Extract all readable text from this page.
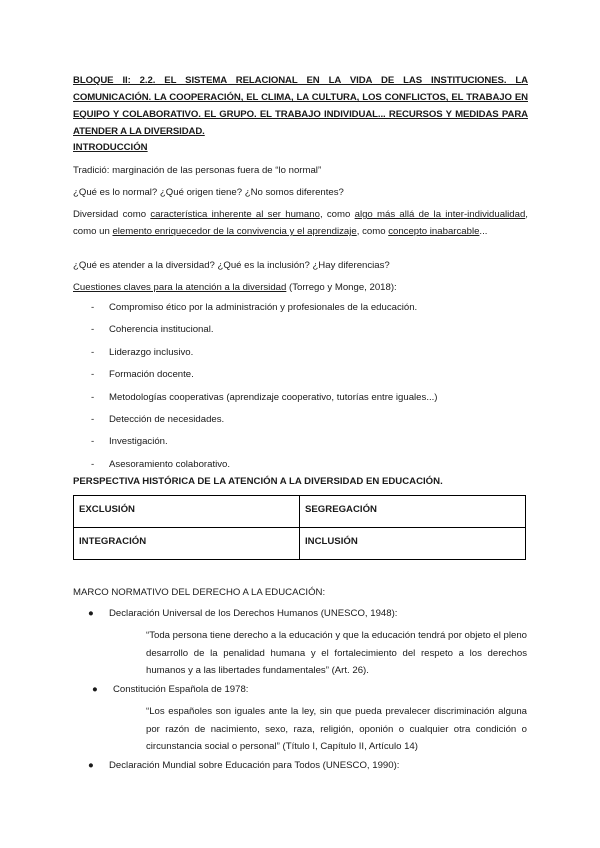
BLOQUE II: 2.2. EL SISTEMA RELACIONAL EN LA VIDA DE LAS INSTITUCIONES. LA COMUNICACIÓN. LA COOPERACIÓN, EL CLIMA, LA CULTURA, LOS CONFLICTOS, EL TRABAJO EN EQUIPO Y COLABORATIVO. EL GRUPO. EL TRABAJO INDIVIDUAL... RECURSOS Y MEDIDAS PARA ATENDER A LA DIVERSIDAD.

INTRODUCCIÓN

Tradició: marginación de las personas fuera de “lo normal”

¿Qué es lo normal? ¿Qué origen tiene? ¿No somos diferentes?

Diversidad como característica inherente al ser humano, como algo más allá de la inter-individualidad, como un elemento enriquecedor de la convivencia y el aprendizaje, como concepto inabarcable...

¿Qué es atender a la diversidad? ¿Qué es la inclusión? ¿Hay diferencias?

Cuestiones claves para la atención a la diversidad (Torrego y Monge, 2018):

- Compromiso ético por la administración y profesionales de la educación.
- Coherencia institucional.
- Liderazgo inclusivo.
- Formación docente.
- Metodologías cooperativas (aprendizaje cooperativo, tutorías entre iguales...)
- Detección de necesidades.
- Investigación.
- Asesoramiento colaborativo.

PERSPECTIVA HISTÓRICA DE LA ATENCIÓN A LA DIVERSIDAD EN EDUCACIÓN.

EXCLUSIÓN	SEGREGACIÓN
INTEGRACIÓN	INCLUSIÓN

MARCO NORMATIVO DEL DERECHO A LA EDUCACIÓN:

● Declaración Universal de los Derechos Humanos (UNESCO, 1948):

“Toda persona tiene derecho a la educación y que la educación tendrá por objeto el pleno desarrollo de la penalidad humana y el fortalecimiento del respeto a los derechos humanos y a las libertades fundamentales” (Art. 26).

● Constitución Española de 1978:

“Los españoles son iguales ante la ley, sin que pueda prevalecer discriminación alguna por razón de nacimiento, sexo, raza, religión, oponión o cualquier otra condición o circunstancia social o personal” (Título I, Capítulo II, Artículo 14)

● Declaración Mundial sobre Educación para Todos (UNESCO, 1990):
